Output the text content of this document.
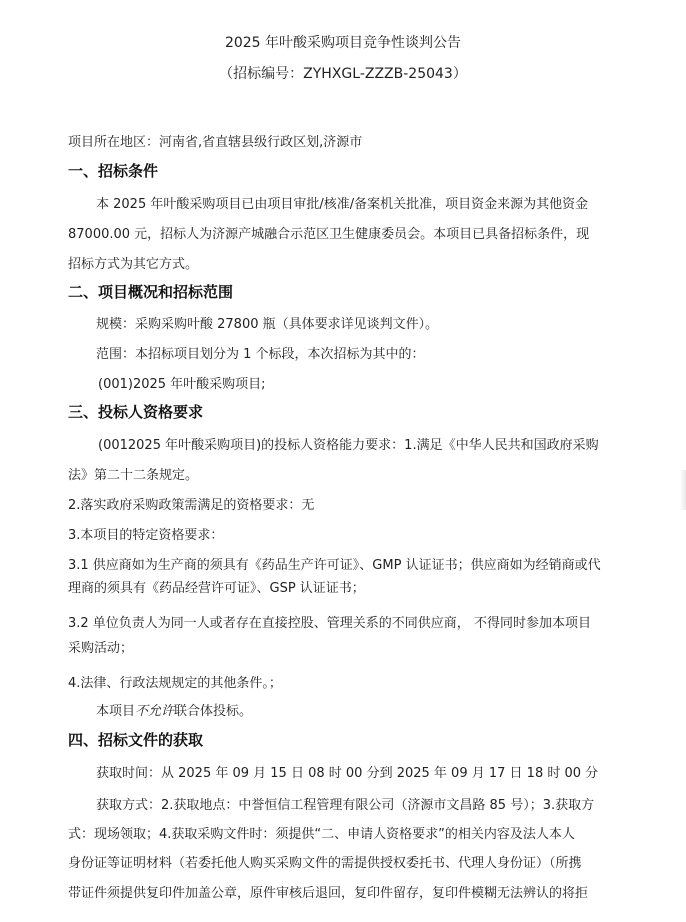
2025 年叶酸采购项目竞争性谈判公告
（招标编号：ZYHXGL-ZZZB-25043）
项目所在地区：河南省,省直辖县级行政区划,济源市
一、招标条件
本 2025 年叶酸采购项目已由项目审批/核准/备案机关批准，项目资金来源为其他资金
87000.00 元，招标人为济源产城融合示范区卫生健康委员会。本项目已具备招标条件，现
招标方式为其它方式。
二、项目概况和招标范围
规模：采购采购叶酸 27800 瓶（具体要求详见谈判文件）。
范围：本招标项目划分为 1 个标段，本次招标为其中的：
(001)2025 年叶酸采购项目;
三、投标人资格要求
(0012025 年叶酸采购项目)的投标人资格能力要求：1.满足《中华人民共和国政府采购
法》第二十二条规定。
2.落实政府采购政策需满足的资格要求：无
3.本项目的特定资格要求：
3.1 供应商如为生产商的须具有《药品生产许可证》、GMP 认证证书；供应商如为经销商或代
理商的须具有《药品经营许可证》、GSP 认证证书；
3.2 单位负责人为同一人或者存在直接控股、管理关系的不同供应商， 不得同时参加本项目
采购活动；
4.法律、行政法规规定的其他条件。；
本项目不允许联合体投标。
四、招标文件的获取
获取时间：从 2025 年 09 月 15 日 08 时 00 分到 2025 年 09 月 17 日 18 时 00 分
获取方式：2.获取地点：中誉恒信工程管理有限公司（济源市文昌路 85 号）；3.获取方
式：现场领取；4.获取采购文件时：须提供“二、申请人资格要求”的相关内容及法人本人
身份证等证明材料（若委托他人购买采购文件的需提供授权委托书、代理人身份证）（所携
带证件须提供复印件加盖公章，原件审核后退回，复印件留存，复印件模糊无法辨认的将拒
